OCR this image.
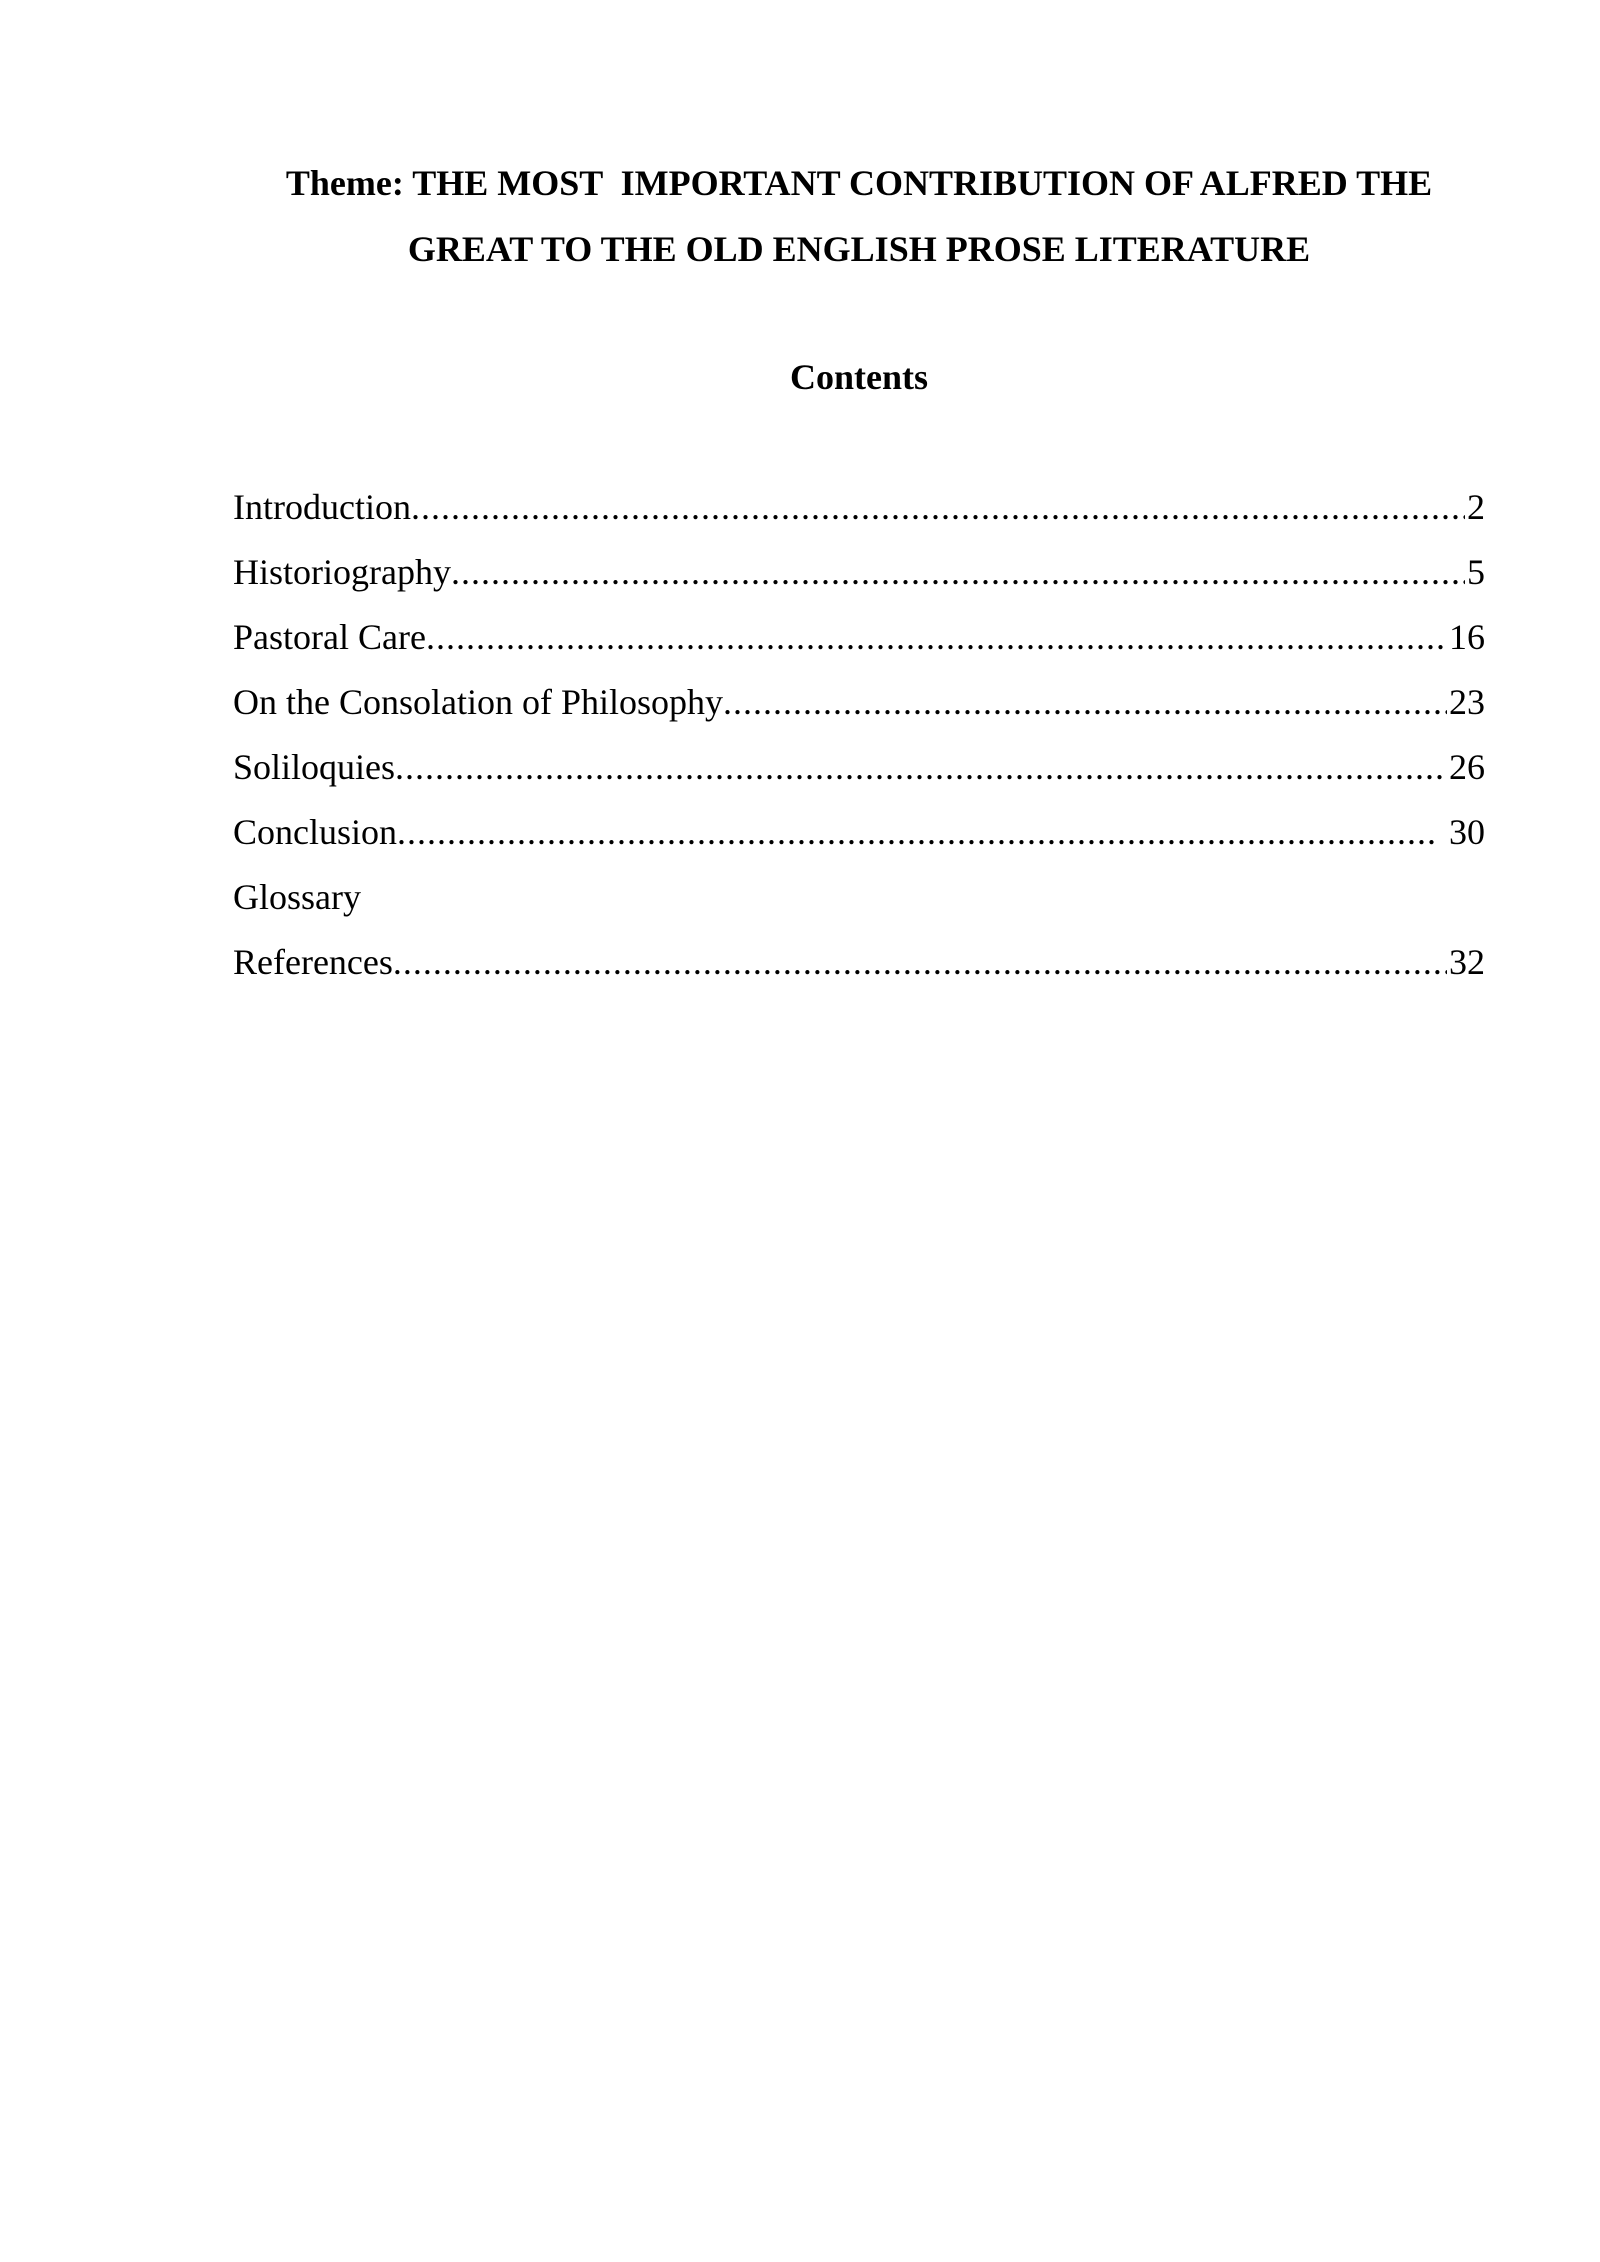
Theme: THE MOST  IMPORTANT CONTRIBUTION OF ALFRED THE
GREAT TO THE OLD ENGLISH PROSE LITERATURE
Contents
Introduction .....	2
Historiography .....	5
Pastoral Care .....	16
On the Consolation of Philosophy .....	23
Soliloquies .....	26
Conclusion .....	30
Glossary
References .....	32
